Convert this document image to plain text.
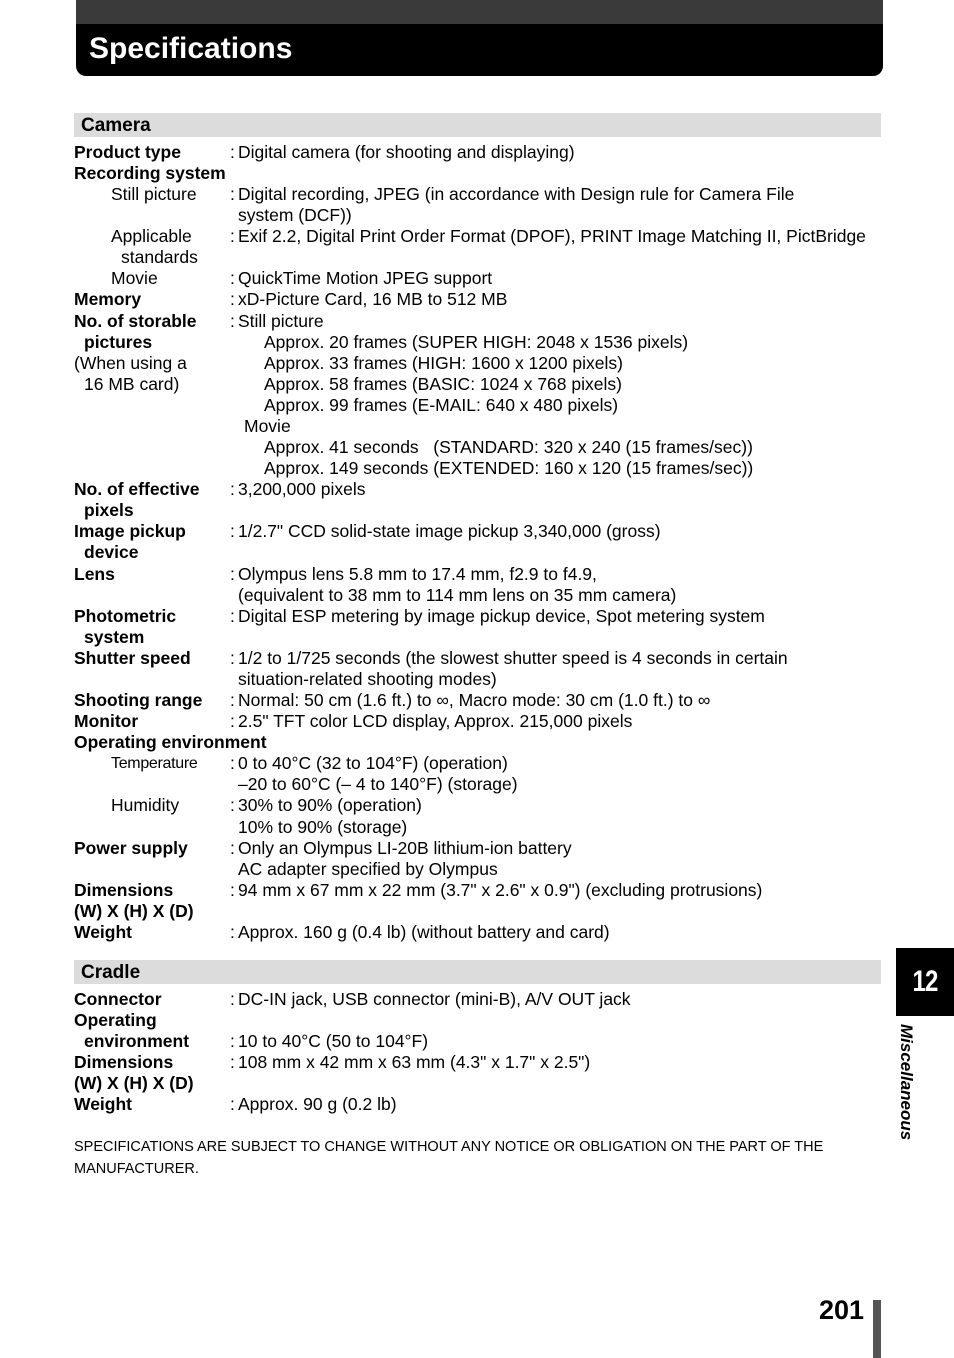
Specifications
Camera
Product type	: Digital camera (for shooting and displaying)
Recording system
Still picture : Digital recording, JPEG (in accordance with Design rule for Camera File
system (DCF))
Applicable : Exif 2.2, Digital Print Order Format (DPOF), PRINT Image Matching II, PictBridge
standards
Movie	: QuickTime Motion JPEG support
Memory	: xD-Picture Card, 16 MB to 512 MB
No. of storable : Still picture
pictures	Approx. 20 frames (SUPER HIGH: 2048 x 1536 pixels)
(When using a	Approx. 33 frames (HIGH: 1600 x 1200 pixels)
16 MB card)	Approx. 58 frames (BASIC: 1024 x 768 pixels)
Approx. 99 frames (E-MAIL: 640 x 480 pixels)
Movie
Approx. 41 seconds   (STANDARD: 320 x 240 (15 frames/sec))
Approx. 149 seconds (EXTENDED: 160 x 120 (15 frames/sec))
No. of effective : 3,200,000 pixels
pixels
Image pickup	: 1/2.7" CCD solid-state image pickup 3,340,000 (gross)
device
Lens	: Olympus lens 5.8 mm to 17.4 mm, f2.9 to f4.9,
(equivalent to 38 mm to 114 mm lens on 35 mm camera)
Photometric	: Digital ESP metering by image pickup device, Spot metering system
system
Shutter speed : 1/2 to 1/725 seconds (the slowest shutter speed is 4 seconds in certain
situation-related shooting modes)
Shooting range : Normal: 50 cm (1.6 ft.) to ∞, Macro mode: 30 cm (1.0 ft.) to ∞
Monitor	: 2.5" TFT color LCD display, Approx. 215,000 pixels
Operating environment
Temperature : 0 to 40°C (32 to 104°F) (operation)
–20 to 60°C (– 4 to 140°F) (storage)
Humidity	: 30% to 90% (operation)
10% to 90% (storage)
Power supply : Only an Olympus LI-20B lithium-ion battery
AC adapter specified by Olympus
Dimensions	: 94 mm x 67 mm x 22 mm (3.7" x 2.6" x 0.9") (excluding protrusions)
(W) X (H) X (D)
Weight	: Approx. 160 g (0.4 lb) (without battery and card)
Cradle
Connector	: DC-IN jack, USB connector (mini-B), A/V OUT jack
Operating
environment : 10 to 40°C (50 to 104°F)
Dimensions	: 108 mm x 42 mm x 63 mm (4.3" x 1.7" x 2.5")
(W) X (H) X (D)
Weight	: Approx. 90 g (0.2 lb)

SPECIFICATIONS ARE SUBJECT TO CHANGE WITHOUT ANY NOTICE OR OBLIGATION ON THE PART OF THE MANUFACTURER.

12
Miscellaneous
201
